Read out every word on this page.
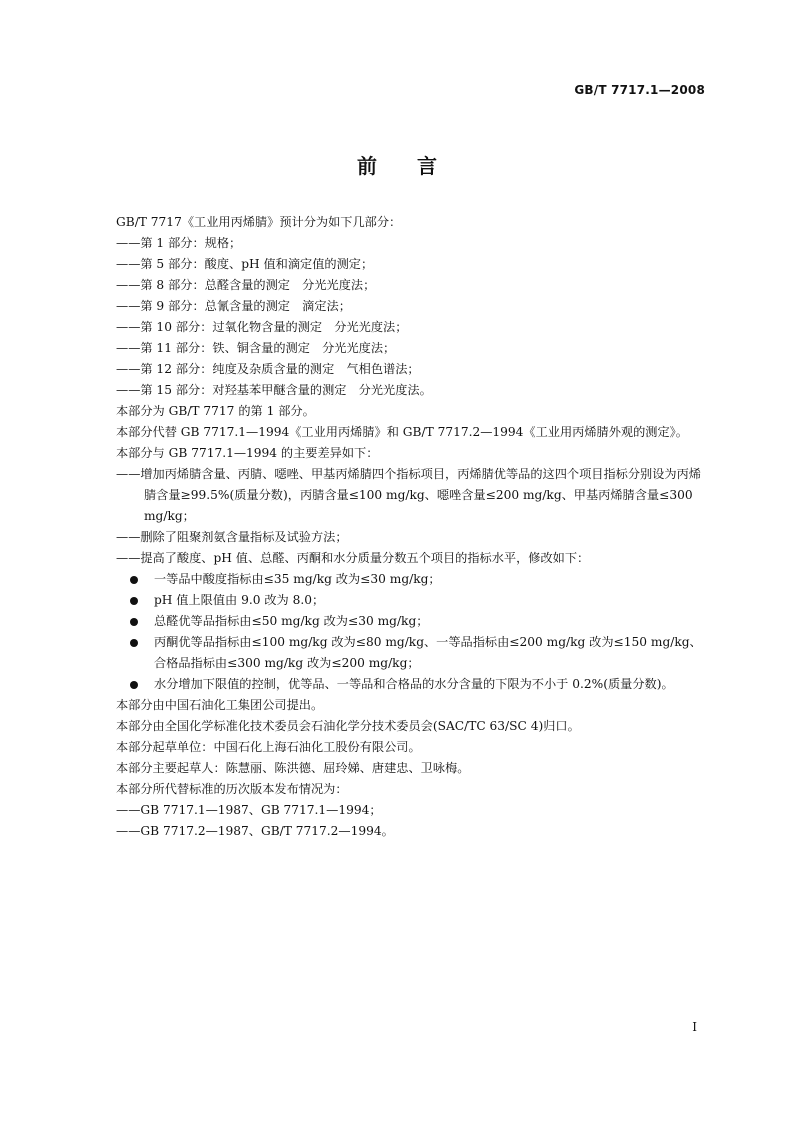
GB/T 7717.1—2008
前言

GB/T 7717《工业用丙烯腈》预计分为如下几部分：

——第 1 部分：规格；

——第 5 部分：酸度、pH 值和滴定值的测定；

——第 8 部分：总醛含量的测定　分光光度法；

——第 9 部分：总氰含量的测定　滴定法；

——第 10 部分：过氧化物含量的测定　分光光度法；

——第 11 部分：铁、铜含量的测定　分光光度法；

——第 12 部分：纯度及杂质含量的测定　气相色谱法；

——第 15 部分：对羟基苯甲醚含量的测定　分光光度法。

本部分为 GB/T 7717 的第 1 部分。

本部分代替 GB 7717.1—1994《工业用丙烯腈》和 GB/T 7717.2—1994《工业用丙烯腈外观的测定》。

本部分与 GB 7717.1—1994 的主要差异如下：

——增加丙烯腈含量、丙腈、噁唑、甲基丙烯腈四个指标项目，丙烯腈优等品的这四个项目指标分别设为丙烯腈含量≥99.5%(质量分数)，丙腈含量≤100 mg/kg、噁唑含量≤200 mg/kg、甲基丙烯腈含量≤300 mg/kg；

——删除了阻聚剂氨含量指标及试验方法；

——提高了酸度、pH 值、总醛、丙酮和水分质量分数五个项目的指标水平，修改如下：

一等品中酸度指标由≤35 mg/kg 改为≤30 mg/kg；
pH 值上限值由 9.0 改为 8.0；
总醛优等品指标由≤50 mg/kg 改为≤30 mg/kg；
丙酮优等品指标由≤100 mg/kg 改为≤80 mg/kg、一等品指标由≤200 mg/kg 改为≤150 mg/kg、合格品指标由≤300 mg/kg 改为≤200 mg/kg；
水分增加下限值的控制，优等品、一等品和合格品的水分含量的下限为不小于 0.2%(质量分数)。

本部分由中国石油化工集团公司提出。

本部分由全国化学标准化技术委员会石油化学分技术委员会(SAC/TC 63/SC 4)归口。

本部分起草单位：中国石化上海石油化工股份有限公司。

本部分主要起草人：陈慧丽、陈洪德、屈玲娣、唐建忠、卫咏梅。

本部分所代替标准的历次版本发布情况为：

——GB 7717.1—1987、GB 7717.1—1994；

——GB 7717.2—1987、GB/T 7717.2—1994。

I
